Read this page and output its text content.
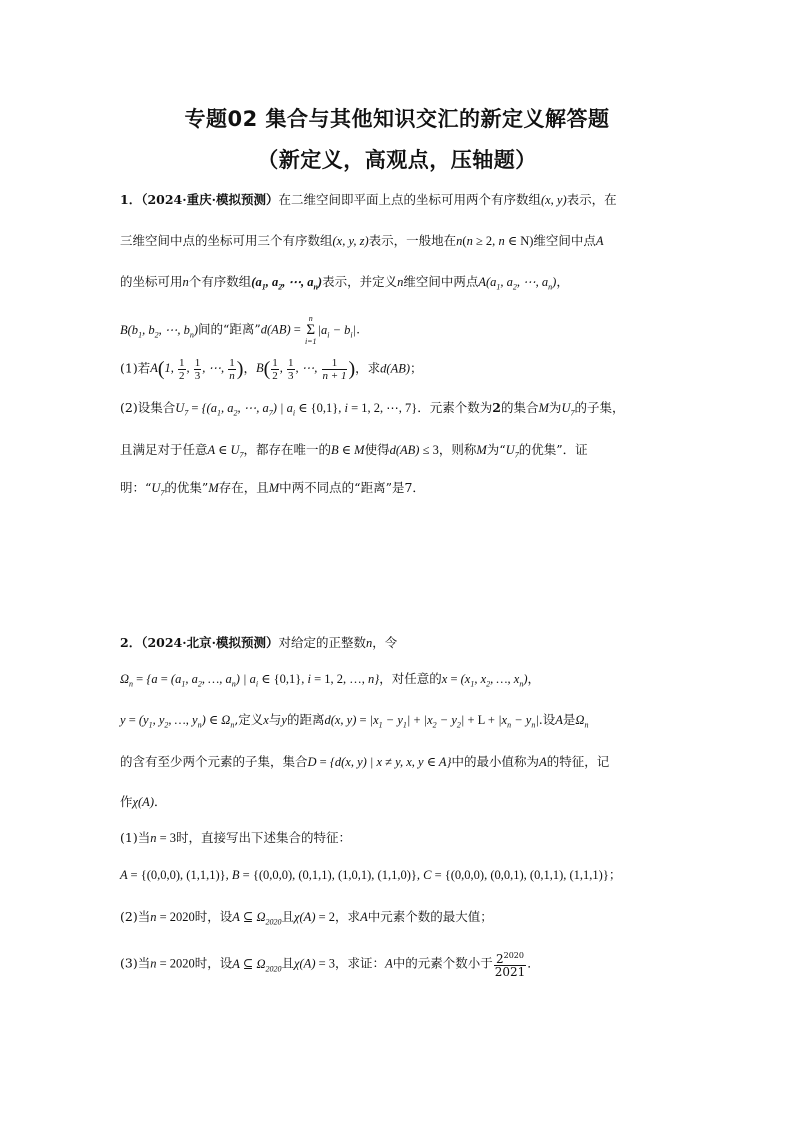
专题02 集合与其他知识交汇的新定义解答题
（新定义，高观点，压轴题）
1．（2024·重庆·模拟预测）在二维空间即平面上点的坐标可用两个有序数组(x, y)表示，在
三维空间中点的坐标可用三个有序数组(x, y, z)表示，一般地在n(n ≥ 2, n ∈ N)维空间中点A
的坐标可用n个有序数组($a_1$, $a_2$, ⋯, $a_n$)表示，并定义n维空间中两点$A(a_1$, $a_2$, ⋯, $a_n$)，
$B(b_1$, $b_2$, ⋯, $b_n$)间的“距离”d(AB) = n
Σ
$i=1|a_i - b_i|$.
(1)若A(1, $\frac{1}{2}$ , $\frac{1}{3}$ , ⋯, $\frac{1}{n}$ )，$B( \frac{1}{2}$ , $\frac{1}{3}$ , ⋯, $\frac{1}{n + 1}$ )，求d(AB)；
(2)设集合$U_7 = \{(a_1$, $a_2$, ⋯, $a_7$) | $a_i$ ∈ {0,1}, i = 1, 2, ⋯, 7}．元素个数为2的集合M为$U_7$的子集，
且满足对于任意A ∈ $U_7$，都存在唯一的B ∈ M使得d(AB) ≤ 3，则称M为“$U_7$的优集”．证
明：“$U_7$的优集”M存在，且M中两不同点的“距离”是7．
2．（2024·北京·模拟预测）对给定的正整数n，令
$\Omega_n = \{a = (a_1$, $a_2$, …, $a_n$) | $a_i$ ∈ {0,1}, i = 1, 2, …, n}，对任意的$x = (x_1$, $x_2$, …, $x_n$)，
$y = (y_1$, $y_2$, …, $y_n$) ∈ $\Omega_n$,定义x与y的距离d(x, $y) = |x_1 - y_1| + |x_2 - y_2| + L + |x_n - y_n|$.设A是$\Omega_n$
的含有至少两个元素的子集，集合D = {d(x, y) | x ≠ y, x, y ∈ A}中的最小值称为A的特征，记
作χ(A)．
(1)当n = 3时，直接写出下述集合的特征：
A = {(0,0,0), (1,1,1)}, B = {(0,0,0), (0,1,1), (1,0,1), (1,1,0)}, C = {(0,0,0), (0,0,1), (0,1,1), (1,1,1)}；
(2)当n = 2020时，设A ⊆ $\Omega_{2020}$且χ(A) = 2，求A中元素个数的最大值；
(3)当n = 2020时，设A ⊆ $\Omega_{2020}$且χ(A) = 3，求证：A中的元素个数小于 $\frac{2^{2020}}{2021}$ ．
